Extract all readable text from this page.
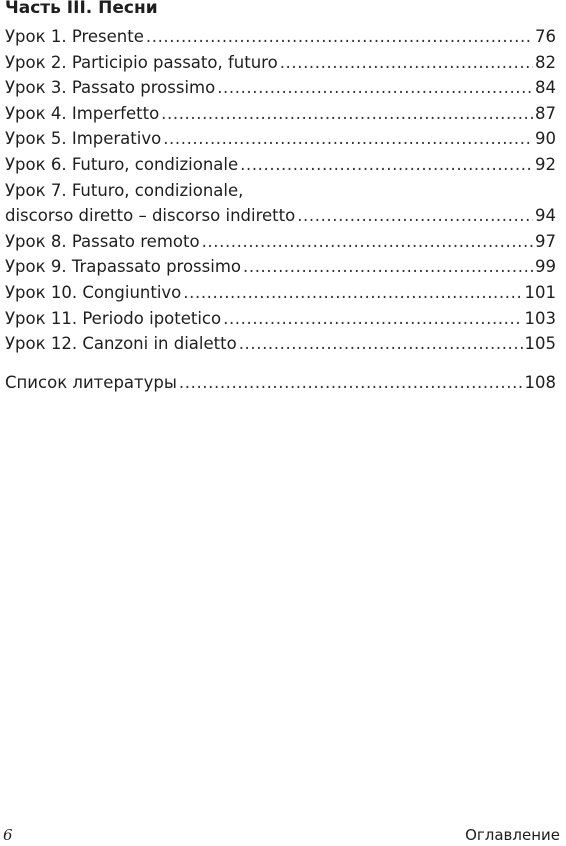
Часть III. Песни
Урок 1. Presente .....	76
Урок 2. Participio passato, futuro .....	82
Урок 3. Passato prossimo .....	84
Урок 4. Imperfetto .....	87
Урок 5. Imperativo .....	90
Урок 6. Futuro, condizionale .....	92
Урок 7. Futuro, condizionale,
discorso diretto – discorso indiretto .....	94
Урок 8. Passato remoto .....	97
Урок 9. Trapassato prossimo .....	99
Урок 10. Congiuntivo .....	101
Урок 11. Periodo ipotetico .....	103
Урок 12. Canzoni in dialetto .....	105
Список литературы .....	108

6	Оглавление
